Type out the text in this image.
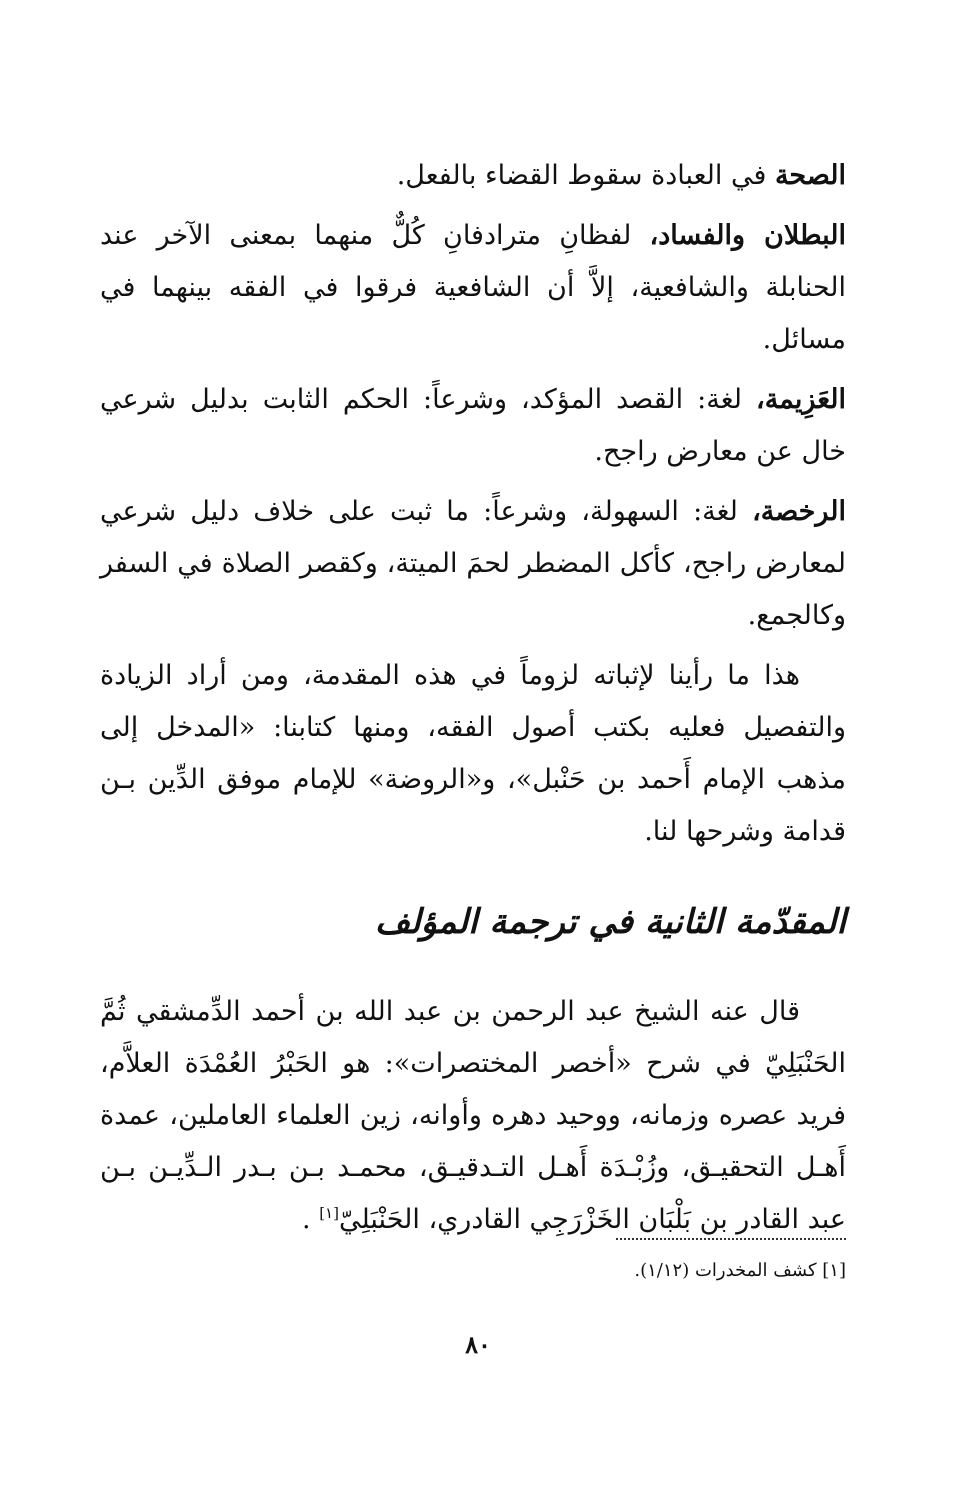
الصحة في العبادة سقوط القضاء بالفعل.

البطلان والفساد، لفظانِ مترادفانِ كُلٌّ منهما بمعنى الآخر عند الحنابلة والشافعية، إلاَّ أن الشافعية فرقوا في الفقه بينهما في مسائل.

العَزِيمة، لغة: القصد المؤكد، وشرعاً: الحكم الثابت بدليل شرعي خال عن معارض راجح.

الرخصة، لغة: السهولة، وشرعاً: ما ثبت على خلاف دليل شرعي لمعارض راجح، كأكل المضطر لحمَ الميتة، وكقصر الصلاة في السفر وكالجمع.

هذا ما رأينا لإثباته لزوماً في هذه المقدمة، ومن أراد الزيادة والتفصيل فعليه بكتب أصول الفقه، ومنها كتابنا: «المدخل إلى مذهب الإمام أَحمد بن حَنْبل»، و«الروضة» للإمام موفق الدِّين بـن قدامة وشرحها لنا.

المقدّمة الثانية في ترجمة المؤلف

قال عنه الشيخ عبد الرحمن بن عبد الله بن أحمد الدِّمشقي ثُمَّ الحَنْبَلِيّ في شرح «أخصر المختصرات»: هو الحَبْرُ العُمْدَة العلاَّم، فريد عصره وزمانه، ووحيد دهره وأوانه، زين العلماء العاملين، عمدة أَهـل التحقيـق، وزُبْـدَة أَهـل التـدقيـق، محمـد بـن بـدر الـدِّيـن بـن عبد القادر بن بَلْبَان الخَزْرَجِي القادري، الحَنْبَلِيّ[١] .

[١] كشف المخدرات (١/١٢).
٨٠
